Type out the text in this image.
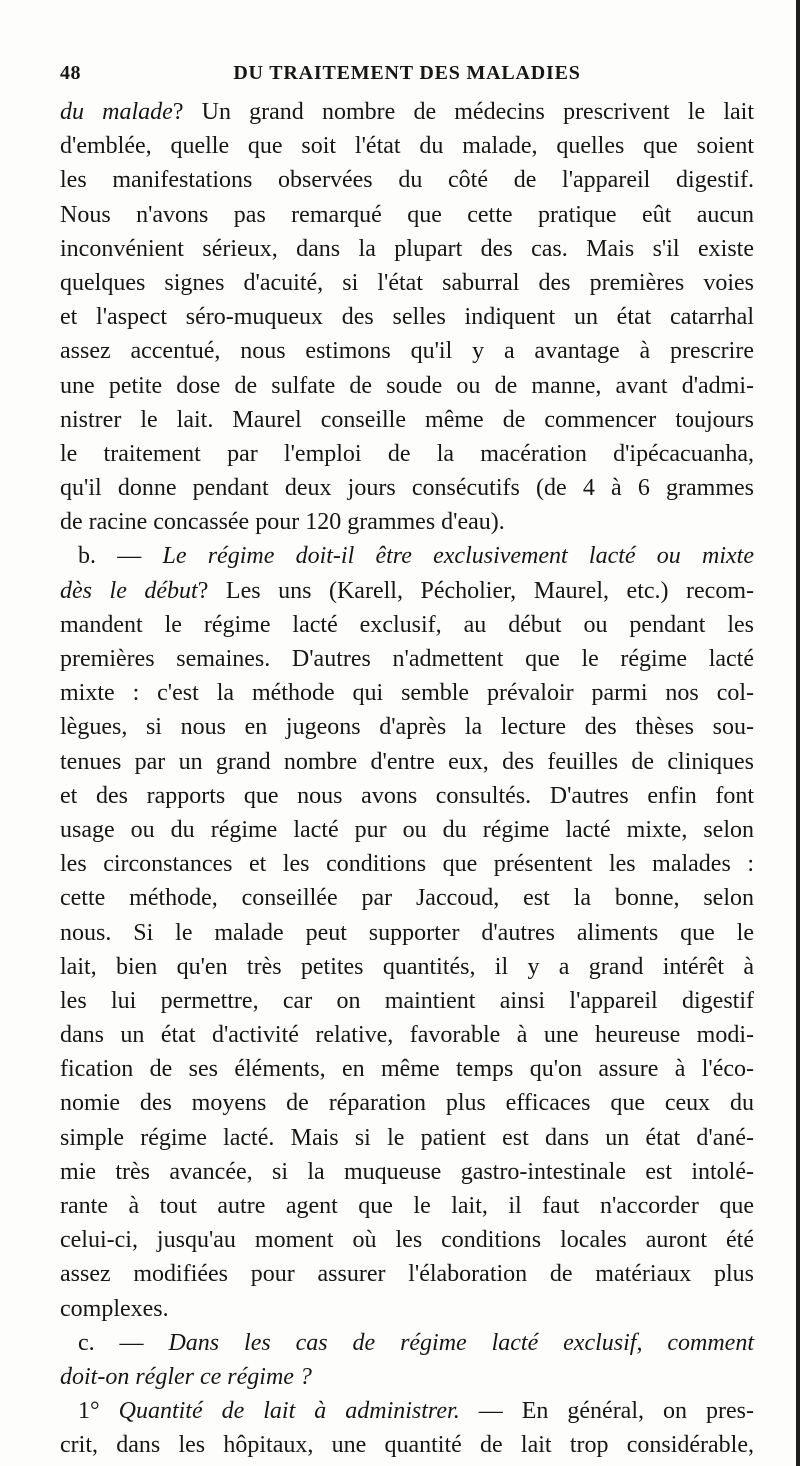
48	DU TRAITEMENT DES MALADIES
du malade? Un grand nombre de médecins prescrivent le lait
d'emblée, quelle que soit l'état du malade, quelles que soient
les manifestations observées du côté de l'appareil digestif.
Nous n'avons pas remarqué que cette pratique eût aucun
inconvénient sérieux, dans la plupart des cas. Mais s'il existe
quelques signes d'acuité, si l'état saburral des premières voies
et l'aspect séro-muqueux des selles indiquent un état catarrhal
assez accentué, nous estimons qu'il y a avantage à prescrire
une petite dose de sulfate de soude ou de manne, avant d'admi-
nistrer le lait. Maurel conseille même de commencer toujours
le traitement par l'emploi de la macération d'ipécacuanha,
qu'il donne pendant deux jours consécutifs (de 4 à 6 grammes
de racine concassée pour 120 grammes d'eau).
b. — Le régime doit-il être exclusivement lacté ou mixte
dès le début? Les uns (Karell, Pécholier, Maurel, etc.) recom-
mandent le régime lacté exclusif, au début ou pendant les
premières semaines. D'autres n'admettent que le régime lacté
mixte : c'est la méthode qui semble prévaloir parmi nos col-
lègues, si nous en jugeons d'après la lecture des thèses sou-
tenues par un grand nombre d'entre eux, des feuilles de cliniques
et des rapports que nous avons consultés. D'autres enfin font
usage ou du régime lacté pur ou du régime lacté mixte, selon
les circonstances et les conditions que présentent les malades :
cette méthode, conseillée par Jaccoud, est la bonne, selon
nous. Si le malade peut supporter d'autres aliments que le
lait, bien qu'en très petites quantités, il y a grand intérêt à
les lui permettre, car on maintient ainsi l'appareil digestif
dans un état d'activité relative, favorable à une heureuse modi-
fication de ses éléments, en même temps qu'on assure à l'éco-
nomie des moyens de réparation plus efficaces que ceux du
simple régime lacté. Mais si le patient est dans un état d'ané-
mie très avancée, si la muqueuse gastro-intestinale est intolé-
rante à tout autre agent que le lait, il faut n'accorder que
celui-ci, jusqu'au moment où les conditions locales auront été
assez modifiées pour assurer l'élaboration de matériaux plus
complexes.
c. — Dans les cas de régime lacté exclusif, comment
doit-on régler ce régime ?
1° Quantité de lait à administrer. — En général, on pres-
crit, dans les hôpitaux, une quantité de lait trop considérable,
